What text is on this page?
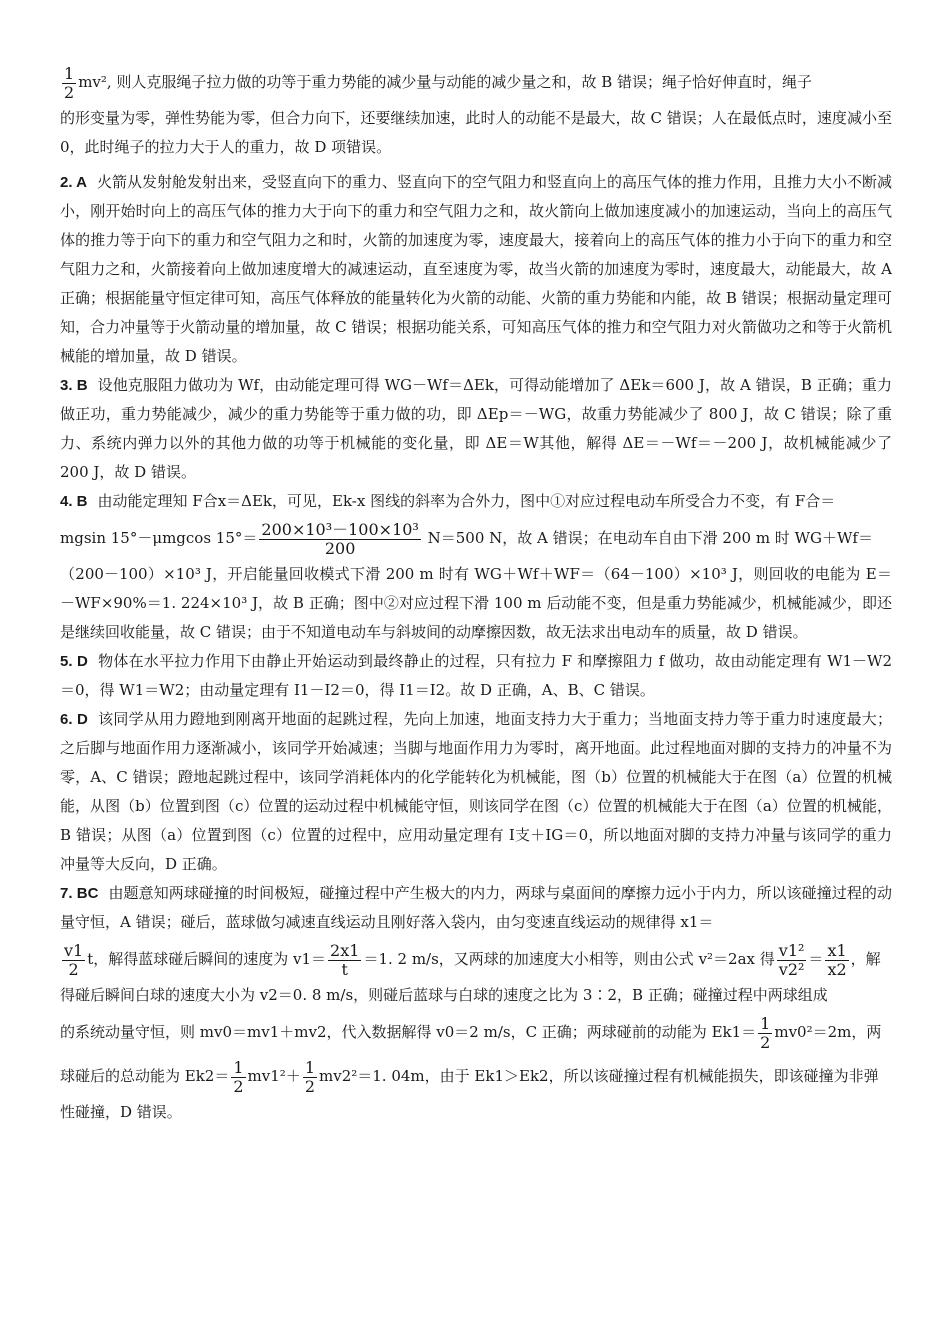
$\frac{1}{2} mv^2$, 则人克服绳子拉力做的功等于重力势能的减少量与动能的减少量之和，故 B 错误；绳子恰好伸直时，绳子

的形变量为零，弹性势能为零，但合力向下，还要继续加速，此时人的动能不是最大，故 C 错误；人在最低点时，速度减小至 0，此时绳子的拉力大于人的重力，故 D 项错误。

2. A 火箭从发射舱发射出来，受竖直向下的重力、竖直向下的空气阻力和竖直向上的高压气体的推力作用，且推力大小不断减小，刚开始时向上的高压气体的推力大于向下的重力和空气阻力之和，故火箭向上做加速度减小的加速运动，当向上的高压气体的推力等于向下的重力和空气阻力之和时，火箭的加速度为零，速度最大，接着向上的高压气体的推力小于向下的重力和空气阻力之和，火箭接着向上做加速度增大的减速运动，直至速度为零，故当火箭的加速度为零时，速度最大，动能最大，故 A 正确；根据能量守恒定律可知，高压气体释放的能量转化为火箭的动能、火箭的重力势能和内能，故 B 错误；根据动量定理可知，合力冲量等于火箭动量的增加量，故 C 错误；根据功能关系，可知高压气体的推力和空气阻力对火箭做功之和等于火箭机械能的增加量，故 D 错误。

3. B 设他克服阻力做功为 Wf，由动能定理可得 WG－Wf＝ΔEk，可得动能增加了 ΔEk＝600 J，故 A 错误，B 正确；重力做正功，重力势能减少，减少的重力势能等于重力做的功，即 ΔEp＝－WG，故重力势能减少了 800 J，故 C 错误；除了重力、系统内弹力以外的其他力做的功等于机械能的变化量，即 ΔE＝W其他，解得 ΔE＝－Wf＝－200 J，故机械能减少了 200 J，故 D 错误。

4. B 由动能定理知 F合x＝ΔEk，可见，Ek-x 图线的斜率为合外力，图中①对应过程电动车所受合力不变，有 F合＝

mgsin 15°－μmgcos $15^\circ= \frac{\text{200×10³－100×10³}}{200} N=500$ N，故 A 错误；在电动车自由下滑 200 m 时 WG＋Wf＝

（200－100）×10³ J，开启能量回收模式下滑 200 m 时有 WG＋Wf＋WF＝（64－100）×10³ J，则回收的电能为 E＝－WF×90%＝1. 224×10³ J，故 B 正确；图中②对应过程下滑 100 m 后动能不变，但是重力势能减少，机械能减少，即还是继续回收能量，故 C 错误；由于不知道电动车与斜坡间的动摩擦因数，故无法求出电动车的质量，故 D 错误。

5. D 物体在水平拉力作用下由静止开始运动到最终静止的过程，只有拉力 F 和摩擦阻力 f 做功，故由动能定理有 W1－W2＝0，得 W1＝W2；由动量定理有 I1－I2＝0，得 I1＝I2。故 D 正确，A、B、C 错误。

6. D 该同学从用力蹬地到刚离开地面的起跳过程，先向上加速，地面支持力大于重力；当地面支持力等于重力时速度最大；之后脚与地面作用力逐渐减小，该同学开始减速；当脚与地面作用力为零时，离开地面。此过程地面对脚的支持力的冲量不为零，A、C 错误；蹬地起跳过程中，该同学消耗体内的化学能转化为机械能，图（b）位置的机械能大于在图（a）位置的机械能，从图（b）位置到图（c）位置的运动过程中机械能守恒，则该同学在图（c）位置的机械能大于在图（a）位置的机械能，B 错误；从图（a）位置到图（c）位置的过程中，应用动量定理有 I支＋IG＝0，所以地面对脚的支持力冲量与该同学的重力冲量等大反向，D 正确。

7. BC 由题意知两球碰撞的时间极短，碰撞过程中产生极大的内力，两球与桌面间的摩擦力远小于内力，所以该碰撞过程的动量守恒，A 错误；碰后，蓝球做匀减速直线运动且刚好落入袋内，由匀变速直线运动的规律得 x1＝

$\frac{v1}{2}$ t，解得蓝球碰后瞬间的速度为 $v1= \frac{2x1}{t} =1$. 2 m/s，又两球的加速度大小相等，则由公式 v²＝2ax 得 $\frac{\text{v1²}}{\text{v2²}} = \frac{x1}{x2}$ ，解

得碰后瞬间白球的速度大小为 v2＝0. 8 m/s，则碰后蓝球与白球的速度之比为 3∶2，B 正确；碰撞过程中两球组成

的系统动量守恒，则 mv0＝mv1＋mv2，代入数据解得 v0＝2 m/s，C 正确；两球碰前的动能为 $Ek1= \frac{1}{2} mv0^2=2m$，两

球碰后的总动能为 $Ek2= \frac{1}{2} mv1^2+ \frac{1}{2} mv2^2=1$. 04m，由于 Ek1＞Ek2，所以该碰撞过程有机械能损失，即该碰撞为非弹

性碰撞，D 错误。
